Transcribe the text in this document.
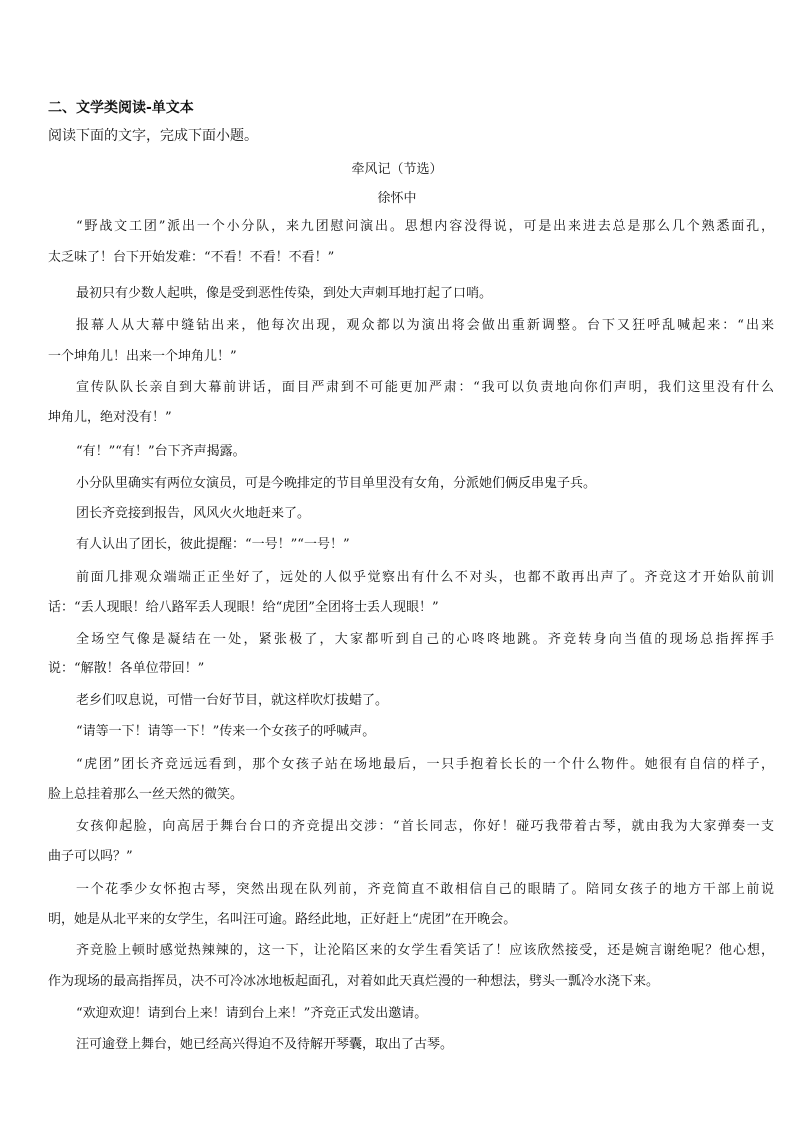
二、文学类阅读-单文本
阅读下面的文字，完成下面小题。
牵风记（节选）
徐怀中
“野战文工团”派出一个小分队，来九团慰问演出。思想内容没得说，可是出来进去总是那么几个熟悉面孔，
太乏味了！台下开始发难：“不看！不看！不看！”
最初只有少数人起哄，像是受到恶性传染，到处大声刺耳地打起了口哨。
报幕人从大幕中缝钻出来，他每次出现，观众都以为演出将会做出重新调整。台下又狂呼乱喊起来：“出来
一个坤角儿！出来一个坤角儿！”
宣传队队长亲自到大幕前讲话，面目严肃到不可能更加严肃：“我可以负责地向你们声明，我们这里没有什么
坤角儿，绝对没有！”
“有！”“有！”台下齐声揭露。
小分队里确实有两位女演员，可是今晚排定的节目单里没有女角，分派她们俩反串鬼子兵。
团长齐竞接到报告，风风火火地赶来了。
有人认出了团长，彼此提醒：“一号！”“一号！”
前面几排观众端端正正坐好了，远处的人似乎觉察出有什么不对头，也都不敢再出声了。齐竞这才开始队前训
话：“丢人现眼！给八路军丢人现眼！给“虎团”全团将士丢人现眼！”
全场空气像是凝结在一处，紧张极了，大家都听到自己的心咚咚地跳。齐竞转身向当值的现场总指挥挥手
说：“解散！各单位带回！”
老乡们叹息说，可惜一台好节目，就这样吹灯拔蜡了。
“请等一下！请等一下！”传来一个女孩子的呼喊声。
“虎团”团长齐竞远远看到，那个女孩子站在场地最后，一只手抱着长长的一个什么物件。她很有自信的样子，
脸上总挂着那么一丝天然的微笑。
女孩仰起脸，向高居于舞台台口的齐竞提出交涉：“首长同志，你好！碰巧我带着古琴，就由我为大家弹奏一支
曲子可以吗？”
一个花季少女怀抱古琴，突然出现在队列前，齐竞简直不敢相信自己的眼睛了。陪同女孩子的地方干部上前说
明，她是从北平来的女学生，名叫汪可逾。路经此地，正好赶上“虎团”在开晚会。
齐竞脸上顿时感觉热辣辣的，这一下，让沦陷区来的女学生看笑话了！应该欣然接受，还是婉言谢绝呢？他心想，
作为现场的最高指挥员，决不可冷冰冰地板起面孔，对着如此天真烂漫的一种想法，劈头一瓢冷水浇下来。
“欢迎欢迎！请到台上来！请到台上来！”齐竞正式发出邀请。
汪可逾登上舞台，她已经高兴得迫不及待解开琴囊，取出了古琴。
